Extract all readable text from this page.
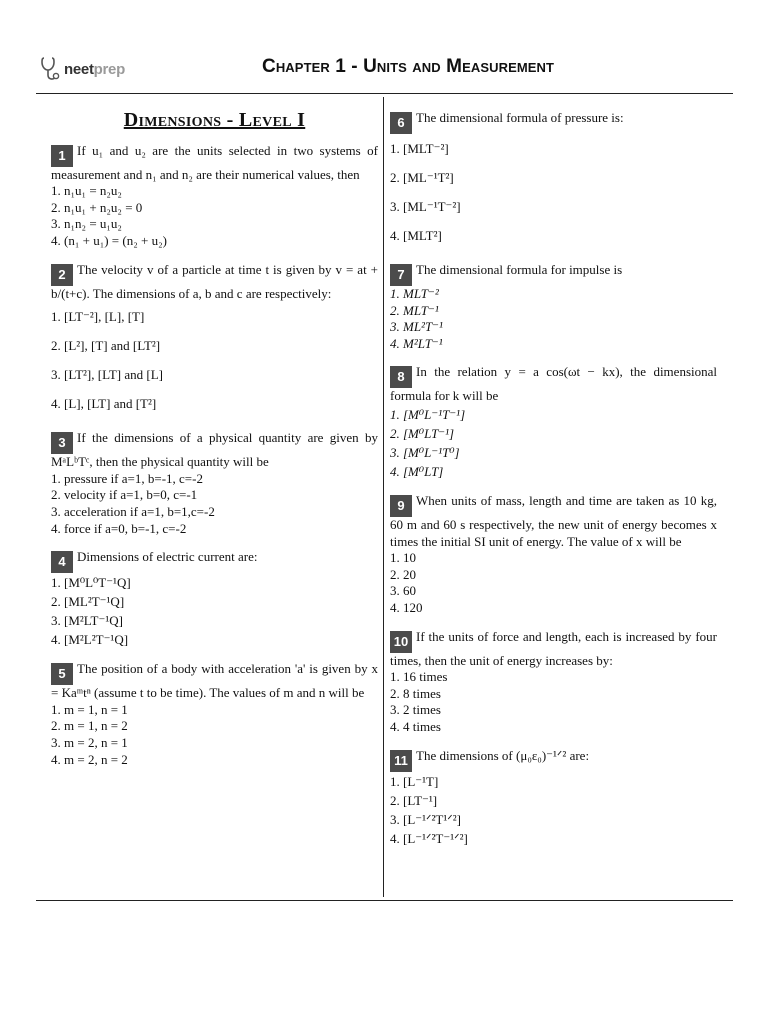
neetprep	Chapter 1 - Units and Measurement
Dimensions - Level I
1 If u₁ and u₂ are the units selected in two systems of measurement and n₁ and n₂ are their numerical values, then
1. n₁u₁ = n₂u₂
2. n₁u₁ + n₂u₂ = 0
3. n₁n₂ = u₁u₂
4. (n₁ + u₁) = (n₂ + u₂)
2 The velocity v of a particle at time t is given by v = at + b/(t+c). The dimensions of a, b and c are respectively:
1. [LT⁻²], [L], [T]
2. [L²], [T] and [LT²]
3. [LT²], [LT] and [L]
4. [L], [LT] and [T²]
3 If the dimensions of a physical quantity are given by MᵃLᵇTᶜ, then the physical quantity will be
1. pressure if a=1, b=-1, c=-2
2. velocity if a=1, b=0, c=-1
3. acceleration if a=1, b=1,c=-2
4. force if a=0, b=-1, c=-2
4 Dimensions of electric current are:
1. [M⁰L⁰T⁻¹Q]
2. [ML²T⁻¹Q]
3. [M²LT⁻¹Q]
4. [M²L²T⁻¹Q]
5 The position of a body with acceleration 'a' is given by x = Kaᵐtⁿ (assume t to be time). The values of m and n will be
1. m = 1, n = 1
2. m = 1, n = 2
3. m = 2, n = 1
4. m = 2, n = 2
6 The dimensional formula of pressure is:
1. [MLT⁻²]
2. [ML⁻¹T²]
3. [ML⁻¹T⁻²]
4. [MLT²]
7 The dimensional formula for impulse is
1. MLT⁻²
2. MLT⁻¹
3. ML²T⁻¹
4. M²LT⁻¹
8 In the relation y = a cos(ωt − kx), the dimensional formula for k will be
1. [M⁰L⁻¹T⁻¹]
2. [M⁰LT⁻¹]
3. [M⁰L⁻¹T⁰]
4. [M⁰LT]
9 When units of mass, length and time are taken as 10 kg, 60 m and 60 s respectively, the new unit of energy becomes x times the initial SI unit of energy. The value of x will be
1. 10
2. 20
3. 60
4. 120
10 If the units of force and length, each is increased by four times, then the unit of energy increases by:
1. 16 times
2. 8 times
3. 2 times
4. 4 times
11 The dimensions of (μ₀ε₀)⁻¹ᐟ² are:
1. [L⁻¹T]
2. [LT⁻¹]
3. [L⁻¹ᐟ²T¹ᐟ²]
4. [L⁻¹ᐟ²T⁻¹ᐟ²]
